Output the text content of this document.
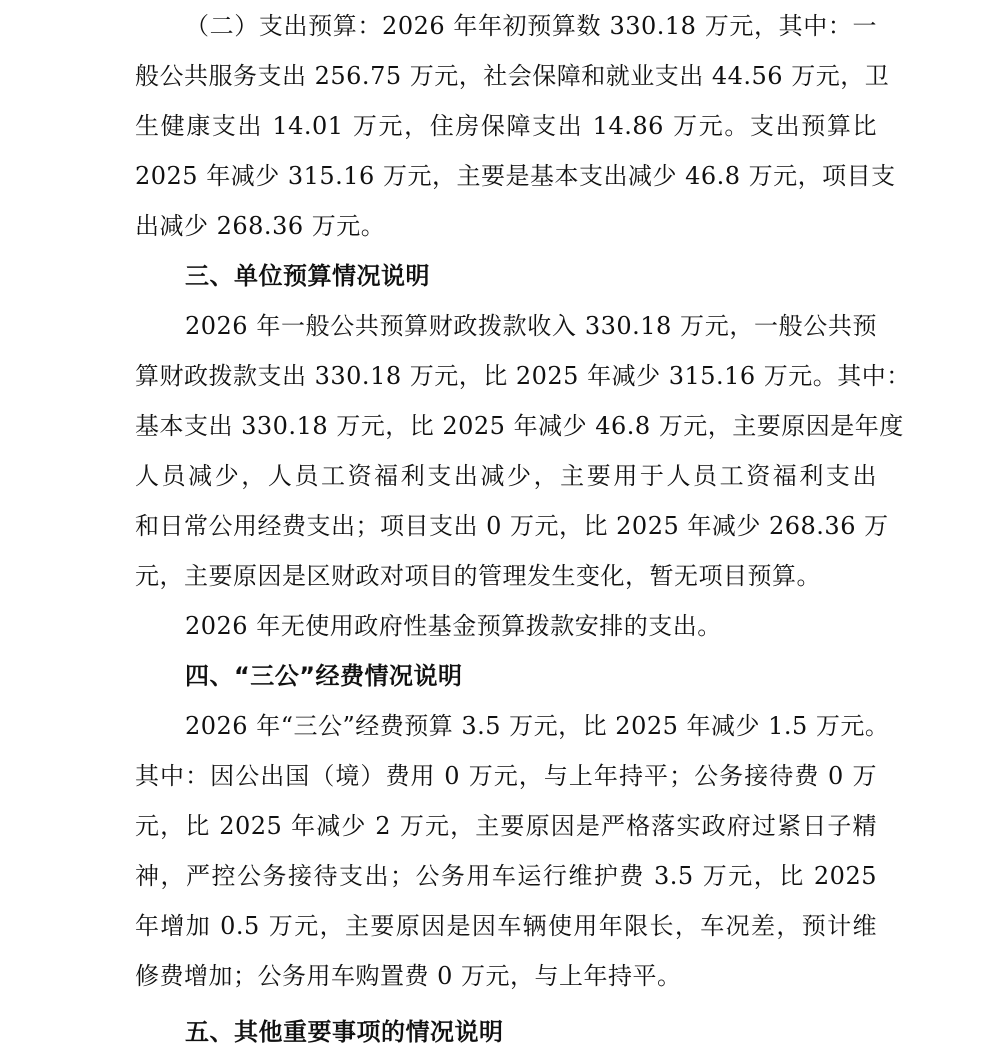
（二）支出预算：2026 年年初预算数 330.18 万元，其中：一
般公共服务支出 256.75 万元，社会保障和就业支出 44.56 万元，卫
生健康支出 14.01 万元，住房保障支出 14.86 万元。支出预算比
2025 年减少 315.16 万元，主要是基本支出减少 46.8 万元，项目支
出减少 268.36 万元。
三、单位预算情况说明
2026 年一般公共预算财政拨款收入 330.18 万元，一般公共预
算财政拨款支出 330.18 万元，比 2025 年减少 315.16 万元。其中：
基本支出 330.18 万元，比 2025 年减少 46.8 万元，主要原因是年度
人员减少，人员工资福利支出减少，主要用于人员工资福利支出
和日常公用经费支出；项目支出 0 万元，比 2025 年减少 268.36 万
元，主要原因是区财政对项目的管理发生变化，暂无项目预算。
2026 年无使用政府性基金预算拨款安排的支出。
四、“三公”经费情况说明
2026 年“三公”经费预算 3.5 万元，比 2025 年减少 1.5 万元。
其中：因公出国（境）费用 0 万元，与上年持平；公务接待费 0 万
元，比 2025 年减少 2 万元，主要原因是严格落实政府过紧日子精
神，严控公务接待支出；公务用车运行维护费 3.5 万元，比 2025
年增加 0.5 万元，主要原因是因车辆使用年限长，车况差，预计维
修费增加；公务用车购置费 0 万元，与上年持平。
五、其他重要事项的情况说明
